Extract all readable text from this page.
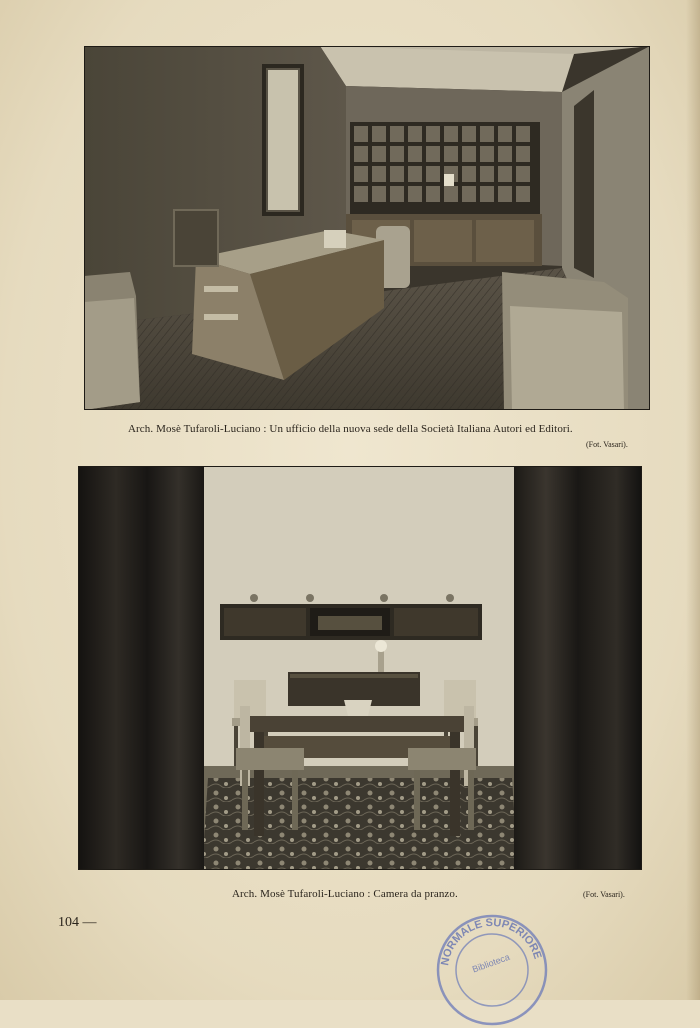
Arch. Mosè Tufaroli-Luciano : Un ufficio della nuova sede della Società Italiana Autori ed Editori.
(Fot. Vasari).
Arch. Mosè Tufaroli-Luciano : Camera da pranzo.	(Fot. Vasari).
104 —
NORMALE SUPERIORE
Biblioteca
